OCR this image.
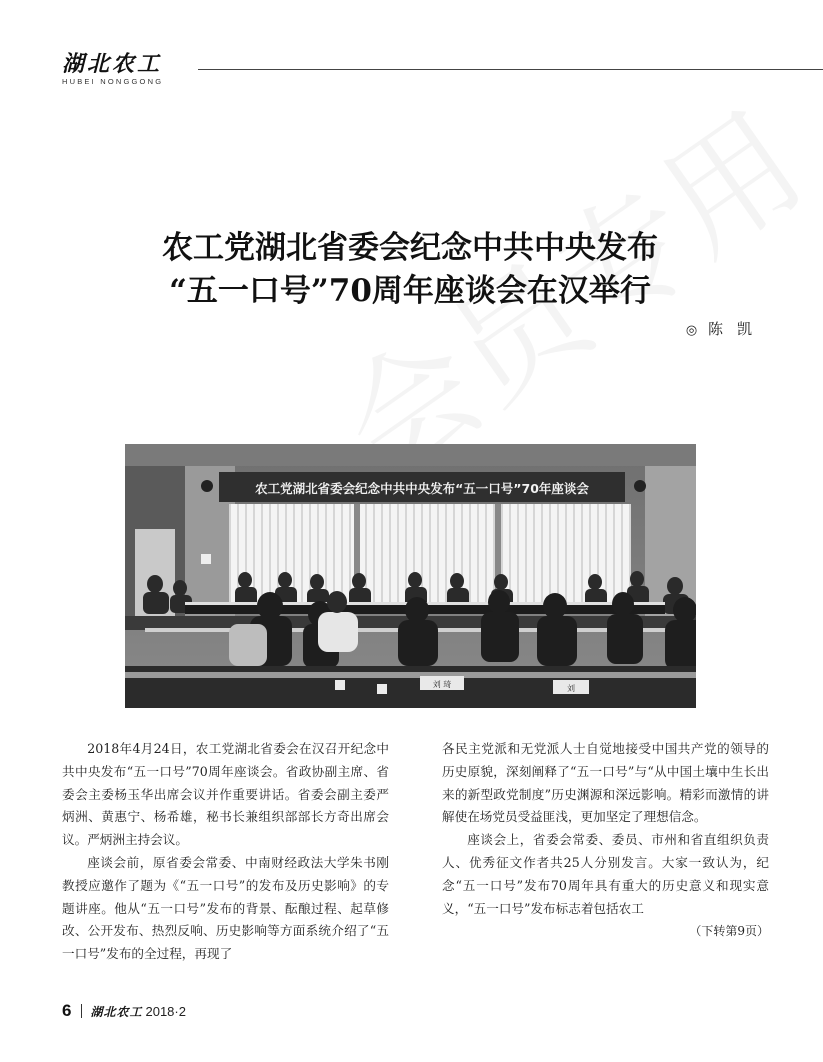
湖北农工
HUBEI NONGGONG
农工党湖北省委会纪念中共中央发布
“五一口号”70周年座谈会在汉举行
◎ 陈凯
农工党湖北省委会纪念中共中央发布“五一口号”70年座谈会
刘 琦	刘

2018年4月24日，农工党湖北省委会在汉召开纪念中共中央发布“五一口号”70周年座谈会。省政协副主席、省委会主委杨玉华出席会议并作重要讲话。省委会副主委严炳洲、黄惠宁、杨希雄，秘书长兼组织部部长方奇出席会议。严炳洲主持会议。

座谈会前，原省委会常委、中南财经政法大学朱书刚教授应邀作了题为《“五一口号”的发布及历史影响》的专题讲座。他从“五一口号”发布的背景、酝酿过程、起草修改、公开发布、热烈反响、历史影响等方面系统介绍了“五一口号”发布的全过程，再现了

各民主党派和无党派人士自觉地接受中国共产党的领导的历史原貌，深刻阐释了“五一口号”与“从中国土壤中生长出来的新型政党制度”历史渊源和深远影响。精彩而激情的讲解使在场党员受益匪浅，更加坚定了理想信念。

座谈会上，省委会常委、委员、市州和省直组织负责人、优秀征文作者共25人分别发言。大家一致认为，纪念“五一口号”发布70周年具有重大的历史意义和现实意义，“五一口号”发布标志着包括农工

（下转第9页）

6 湖北农工 2018·2
